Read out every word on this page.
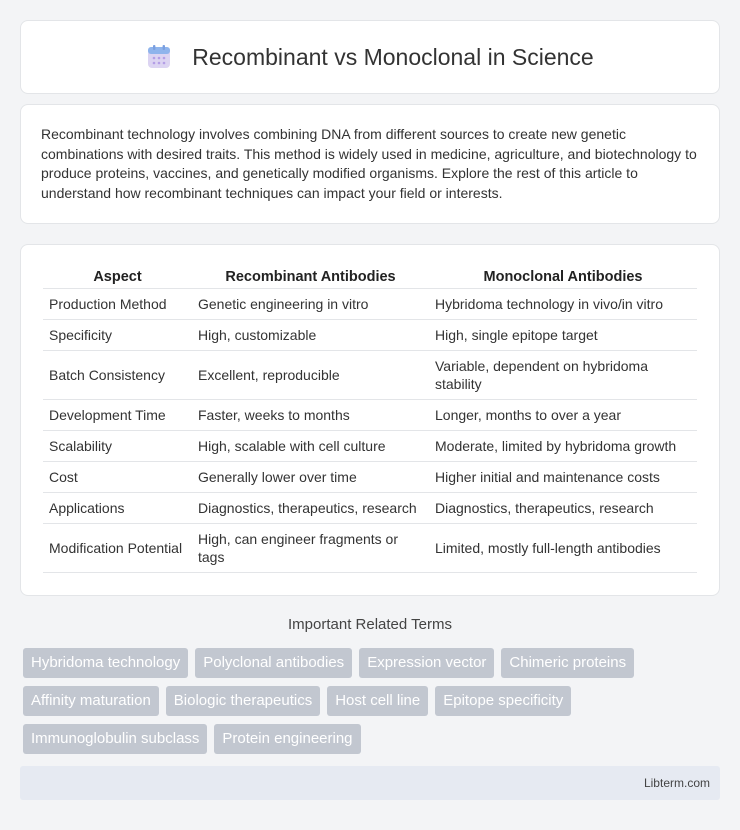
Recombinant vs Monoclonal in Science

Recombinant technology involves combining DNA from different sources to create new genetic combinations with desired traits. This method is widely used in medicine, agriculture, and biotechnology to produce proteins, vaccines, and genetically modified organisms. Explore the rest of this article to understand how recombinant techniques can impact your field or interests.

Aspect	Recombinant Antibodies	Monoclonal Antibodies
Production Method	Genetic engineering in vitro	Hybridoma technology in vivo/in vitro
Specificity	High, customizable	High, single epitope target
Batch Consistency	Excellent, reproducible	Variable, dependent on hybridoma stability
Development Time	Faster, weeks to months	Longer, months to over a year
Scalability	High, scalable with cell culture	Moderate, limited by hybridoma growth
Cost	Generally lower over time	Higher initial and maintenance costs
Applications	Diagnostics, therapeutics, research	Diagnostics, therapeutics, research
Modification Potential	High, can engineer fragments or tags	Limited, mostly full-length antibodies
Important Related Terms
Hybridoma technology	Polyclonal antibodies	Expression vector	Chimeric proteins
Affinity maturation	Biologic therapeutics	Host cell line	Epitope specificity
Immunoglobulin subclass	Protein engineering
Libterm.com
